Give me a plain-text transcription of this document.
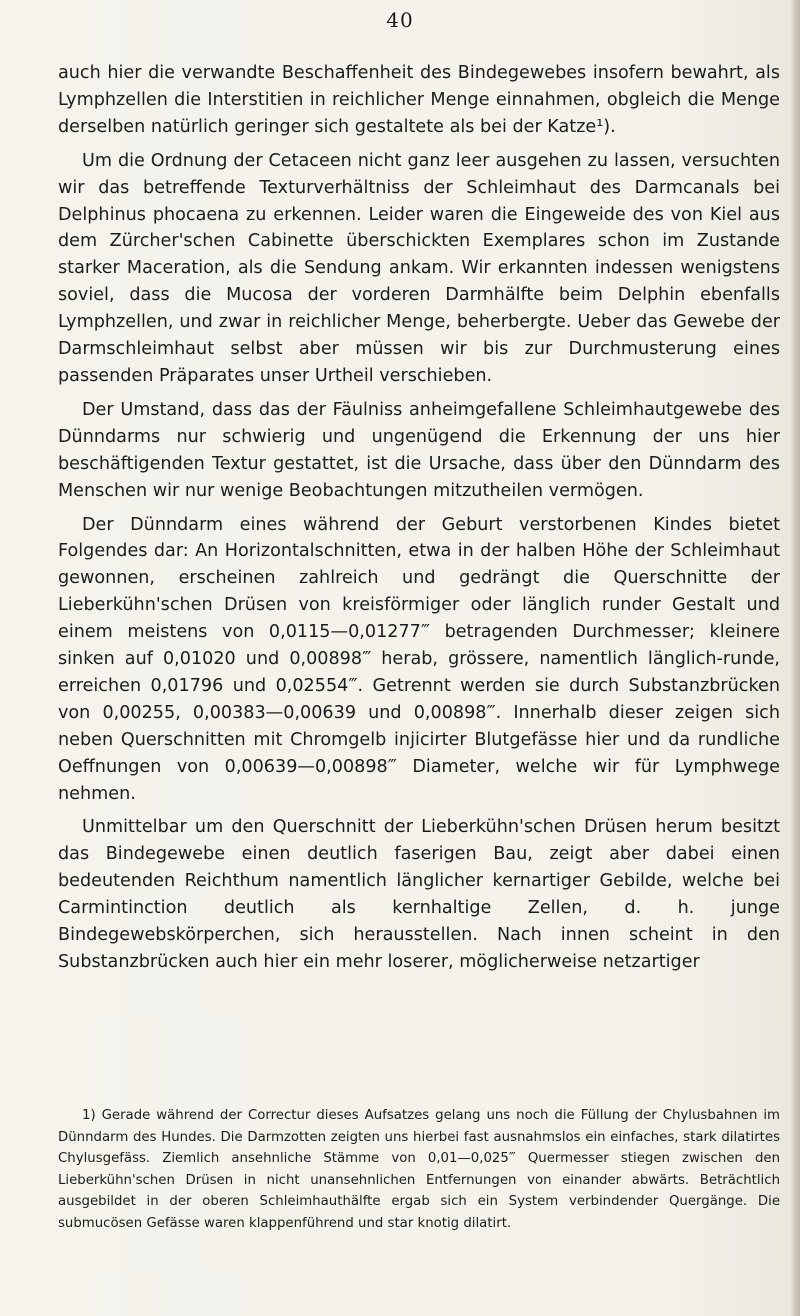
40

auch hier die verwandte Beschaffenheit des Bindegewebes insofern bewahrt, als Lymphzellen die Interstitien in reichlicher Menge einnahmen, obgleich die Menge derselben natürlich geringer sich gestaltete als bei der Katze¹).

Um die Ordnung der Cetaceen nicht ganz leer ausgehen zu lassen, versuchten wir das betreffende Texturverhältniss der Schleimhaut des Darmcanals bei Delphinus phocaena zu erkennen. Leider waren die Eingeweide des von Kiel aus dem Zürcher'schen Cabinette überschickten Exemplares schon im Zustande starker Maceration, als die Sendung ankam. Wir erkannten indessen wenigstens soviel, dass die Mucosa der vorderen Darmhälfte beim Delphin ebenfalls Lymphzellen, und zwar in reichlicher Menge, beherbergte. Ueber das Gewebe der Darmschleimhaut selbst aber müssen wir bis zur Durchmusterung eines passenden Präparates unser Urtheil verschieben.

Der Umstand, dass das der Fäulniss anheimgefallene Schleimhautgewebe des Dünndarms nur schwierig und ungenügend die Erkennung der uns hier beschäftigenden Textur gestattet, ist die Ursache, dass über den Dünndarm des Menschen wir nur wenige Beobachtungen mitzutheilen vermögen.

Der Dünndarm eines während der Geburt verstorbenen Kindes bietet Folgendes dar: An Horizontalschnitten, etwa in der halben Höhe der Schleimhaut gewonnen, erscheinen zahlreich und gedrängt die Querschnitte der Lieberkühn'schen Drüsen von kreisförmiger oder länglich runder Gestalt und einem meistens von 0,0115—0,01277‴ betragenden Durchmesser; kleinere sinken auf 0,01020 und 0,00898‴ herab, grössere, namentlich länglich-runde, erreichen 0,01796 und 0,02554‴. Getrennt werden sie durch Substanzbrücken von 0,00255, 0,00383—0,00639 und 0,00898‴. Innerhalb dieser zeigen sich neben Querschnitten mit Chromgelb injicirter Blutgefässe hier und da rundliche Oeffnungen von 0,00639—0,00898‴ Diameter, welche wir für Lymphwege nehmen.

Unmittelbar um den Querschnitt der Lieberkühn'schen Drüsen herum besitzt das Bindegewebe einen deutlich faserigen Bau, zeigt aber dabei einen bedeutenden Reichthum namentlich länglicher kernartiger Gebilde, welche bei Carmintinction deutlich als kernhaltige Zellen, d. h. junge Bindegewebskörperchen, sich herausstellen. Nach innen scheint in den Substanzbrücken auch hier ein mehr loserer, möglicherweise netzartiger

1) Gerade während der Correctur dieses Aufsatzes gelang uns noch die Füllung der Chylusbahnen im Dünndarm des Hundes. Die Darmzotten zeigten uns hierbei fast ausnahmslos ein einfaches, stark dilatirtes Chylusgefäss. Ziemlich ansehnliche Stämme von 0,01—0,025‴ Quermesser stiegen zwischen den Lieberkühn'schen Drüsen in nicht unansehnlichen Entfernungen von einander abwärts. Beträchtlich ausgebildet in der oberen Schleimhauthälfte ergab sich ein System verbindender Quergänge. Die submucösen Gefässe waren klappenführend und star knotig dilatirt.
